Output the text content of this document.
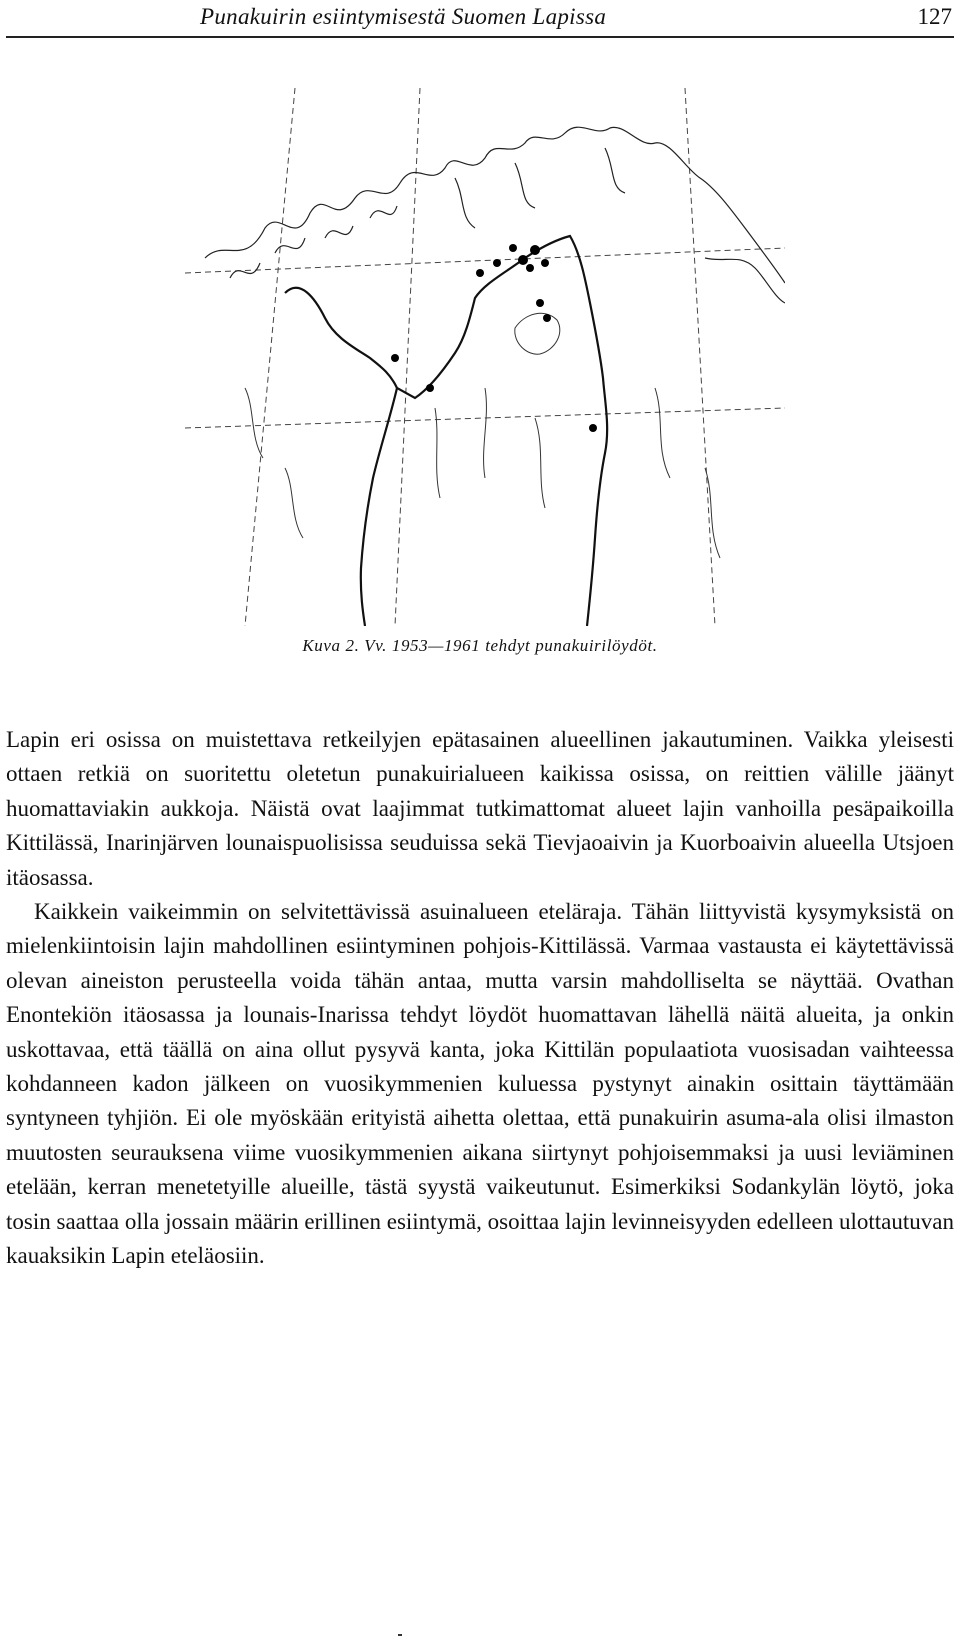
Punakuirin esiintymisestä Suomen Lapissa	127
Kuva 2. Vv. 1953—1961 tehdyt punakuirilöydöt.

Lapin eri osissa on muistettava retkeilyjen epätasainen alueellinen jakautuminen. Vaikka yleisesti ottaen retkiä on suoritettu oletetun punakuirialueen kaikissa osissa, on reittien välille jäänyt huomattaviakin aukkoja. Näistä ovat laajimmat tutkimattomat alueet lajin vanhoilla pesäpaikoilla Kittilässä, Inarinjärven lounaispuolisissa seuduissa sekä Tievjaoaivin ja Kuorboaivin alueella Utsjoen itäosassa.

Kaikkein vaikeimmin on selvitettävissä asuinalueen eteläraja. Tähän liittyvistä kysymyksistä on mielenkiintoisin lajin mahdollinen esiintyminen pohjois-Kittilässä. Varmaa vastausta ei käytettävissä olevan aineiston perusteella voida tähän antaa, mutta varsin mahdolliselta se näyttää. Ovathan Enontekiön itäosassa ja lounais-Inarissa tehdyt löydöt huomattavan lähellä näitä alueita, ja onkin uskottavaa, että täällä on aina ollut pysyvä kanta, joka Kittilän populaatiota vuosisadan vaihteessa kohdanneen kadon jälkeen on vuosikymmenien kuluessa pystynyt ainakin osittain täyttämään syntyneen tyhjiön. Ei ole myöskään erityistä aihetta olettaa, että punakuirin asuma-ala olisi ilmaston muutosten seurauksena viime vuosikymmenien aikana siirtynyt pohjoisemmaksi ja uusi leviäminen etelään, kerran menetetyille alueille, tästä syystä vaikeutunut. Esimerkiksi Sodankylän löytö, joka tosin saattaa olla jossain määrin erillinen esiintymä, osoittaa lajin levinneisyyden edelleen ulottautuvan kauaksikin Lapin eteläosiin.
